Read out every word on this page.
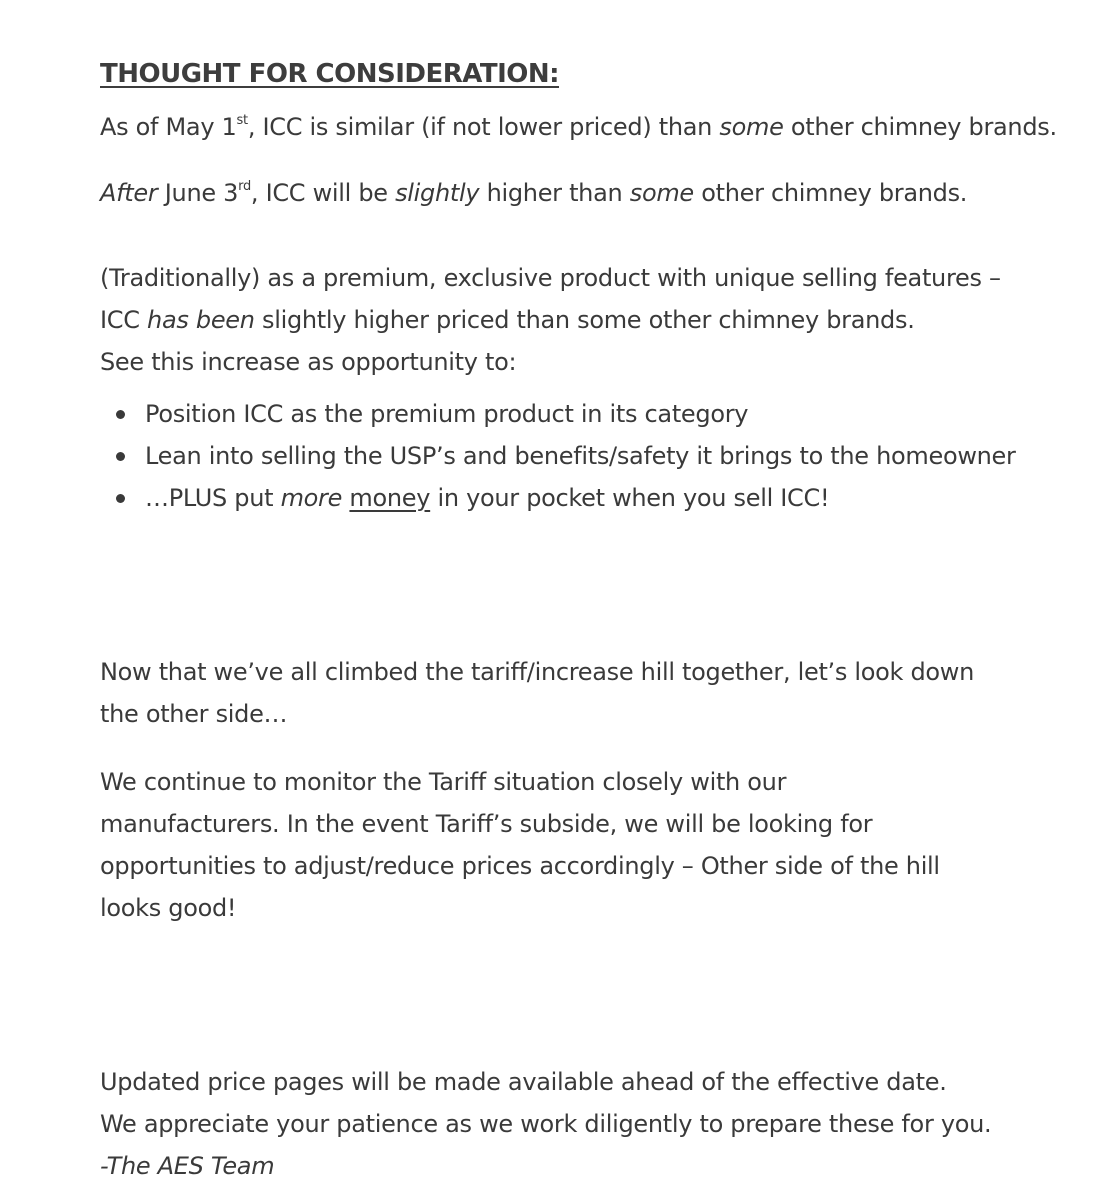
THOUGHT FOR CONSIDERATION:

As of May 1st, ICC is similar (if not lower priced) than some other chimney brands.

After June 3rd, ICC will be slightly higher than some other chimney brands.

(Traditionally) as a premium, exclusive product with unique selling features –
ICC has been slightly higher priced than some other chimney brands.
See this increase as opportunity to:

Position ICC as the premium product in its category
Lean into selling the USP’s and benefits/safety it brings to the homeowner
…PLUS put more money in your pocket when you sell ICC!

Now that we’ve all climbed the tariff/increase hill together, let’s look down
the other side…

We continue to monitor the Tariff situation closely with our
manufacturers. In the event Tariff’s subside, we will be looking for
opportunities to adjust/reduce prices accordingly – Other side of the hill
looks good!

Updated price pages will be made available ahead of the effective date.
We appreciate your patience as we work diligently to prepare these for you.
-The AES Team
